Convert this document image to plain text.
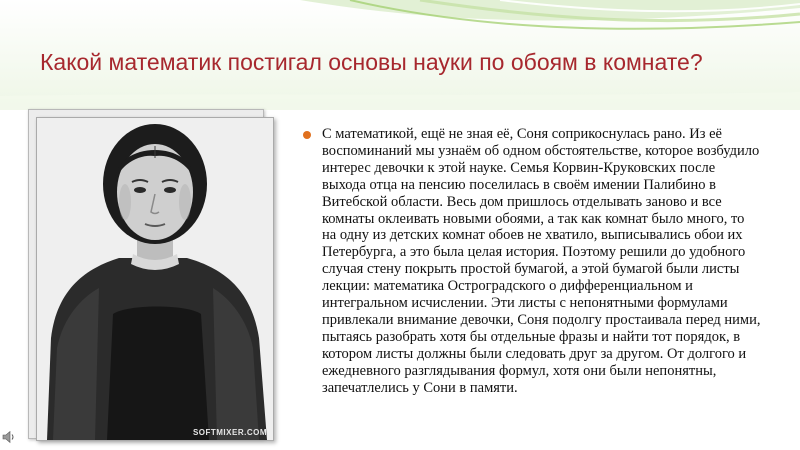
Какой математик постигал основы науки по обоям в комнате?
SOFTMIXER.COM

С математикой, ещё не зная её, Соня соприкоснулась рано. Из её воспоминаний мы узнаём об одном обстоятельстве, которое возбудило интерес девочки к этой науке. Семья Корвин-Круковских после выхода отца на пенсию поселилась в своём имении Палибино в Витебской области. Весь дом пришлось отделывать заново и все комнаты оклеивать новыми обоями, а так как комнат было много, то на одну из детских комнат обоев не хватило, выписывались обои их Петербурга, а это была целая история. Поэтому решили до удобного случая стену покрыть простой бумагой, а этой бумагой были листы лекции: математика Остроградского о дифференциальном и интегральном исчислении. Эти листы с непонятными формулами привлекали внимание девочки, Соня подолгу простаивала перед ними, пытаясь разобрать хотя бы отдельные фразы и найти тот порядок, в котором листы должны были следовать друг за другом. От долгого и ежедневного разглядывания формул, хотя они были непонятны, запечатлелись у Сони в памяти.
